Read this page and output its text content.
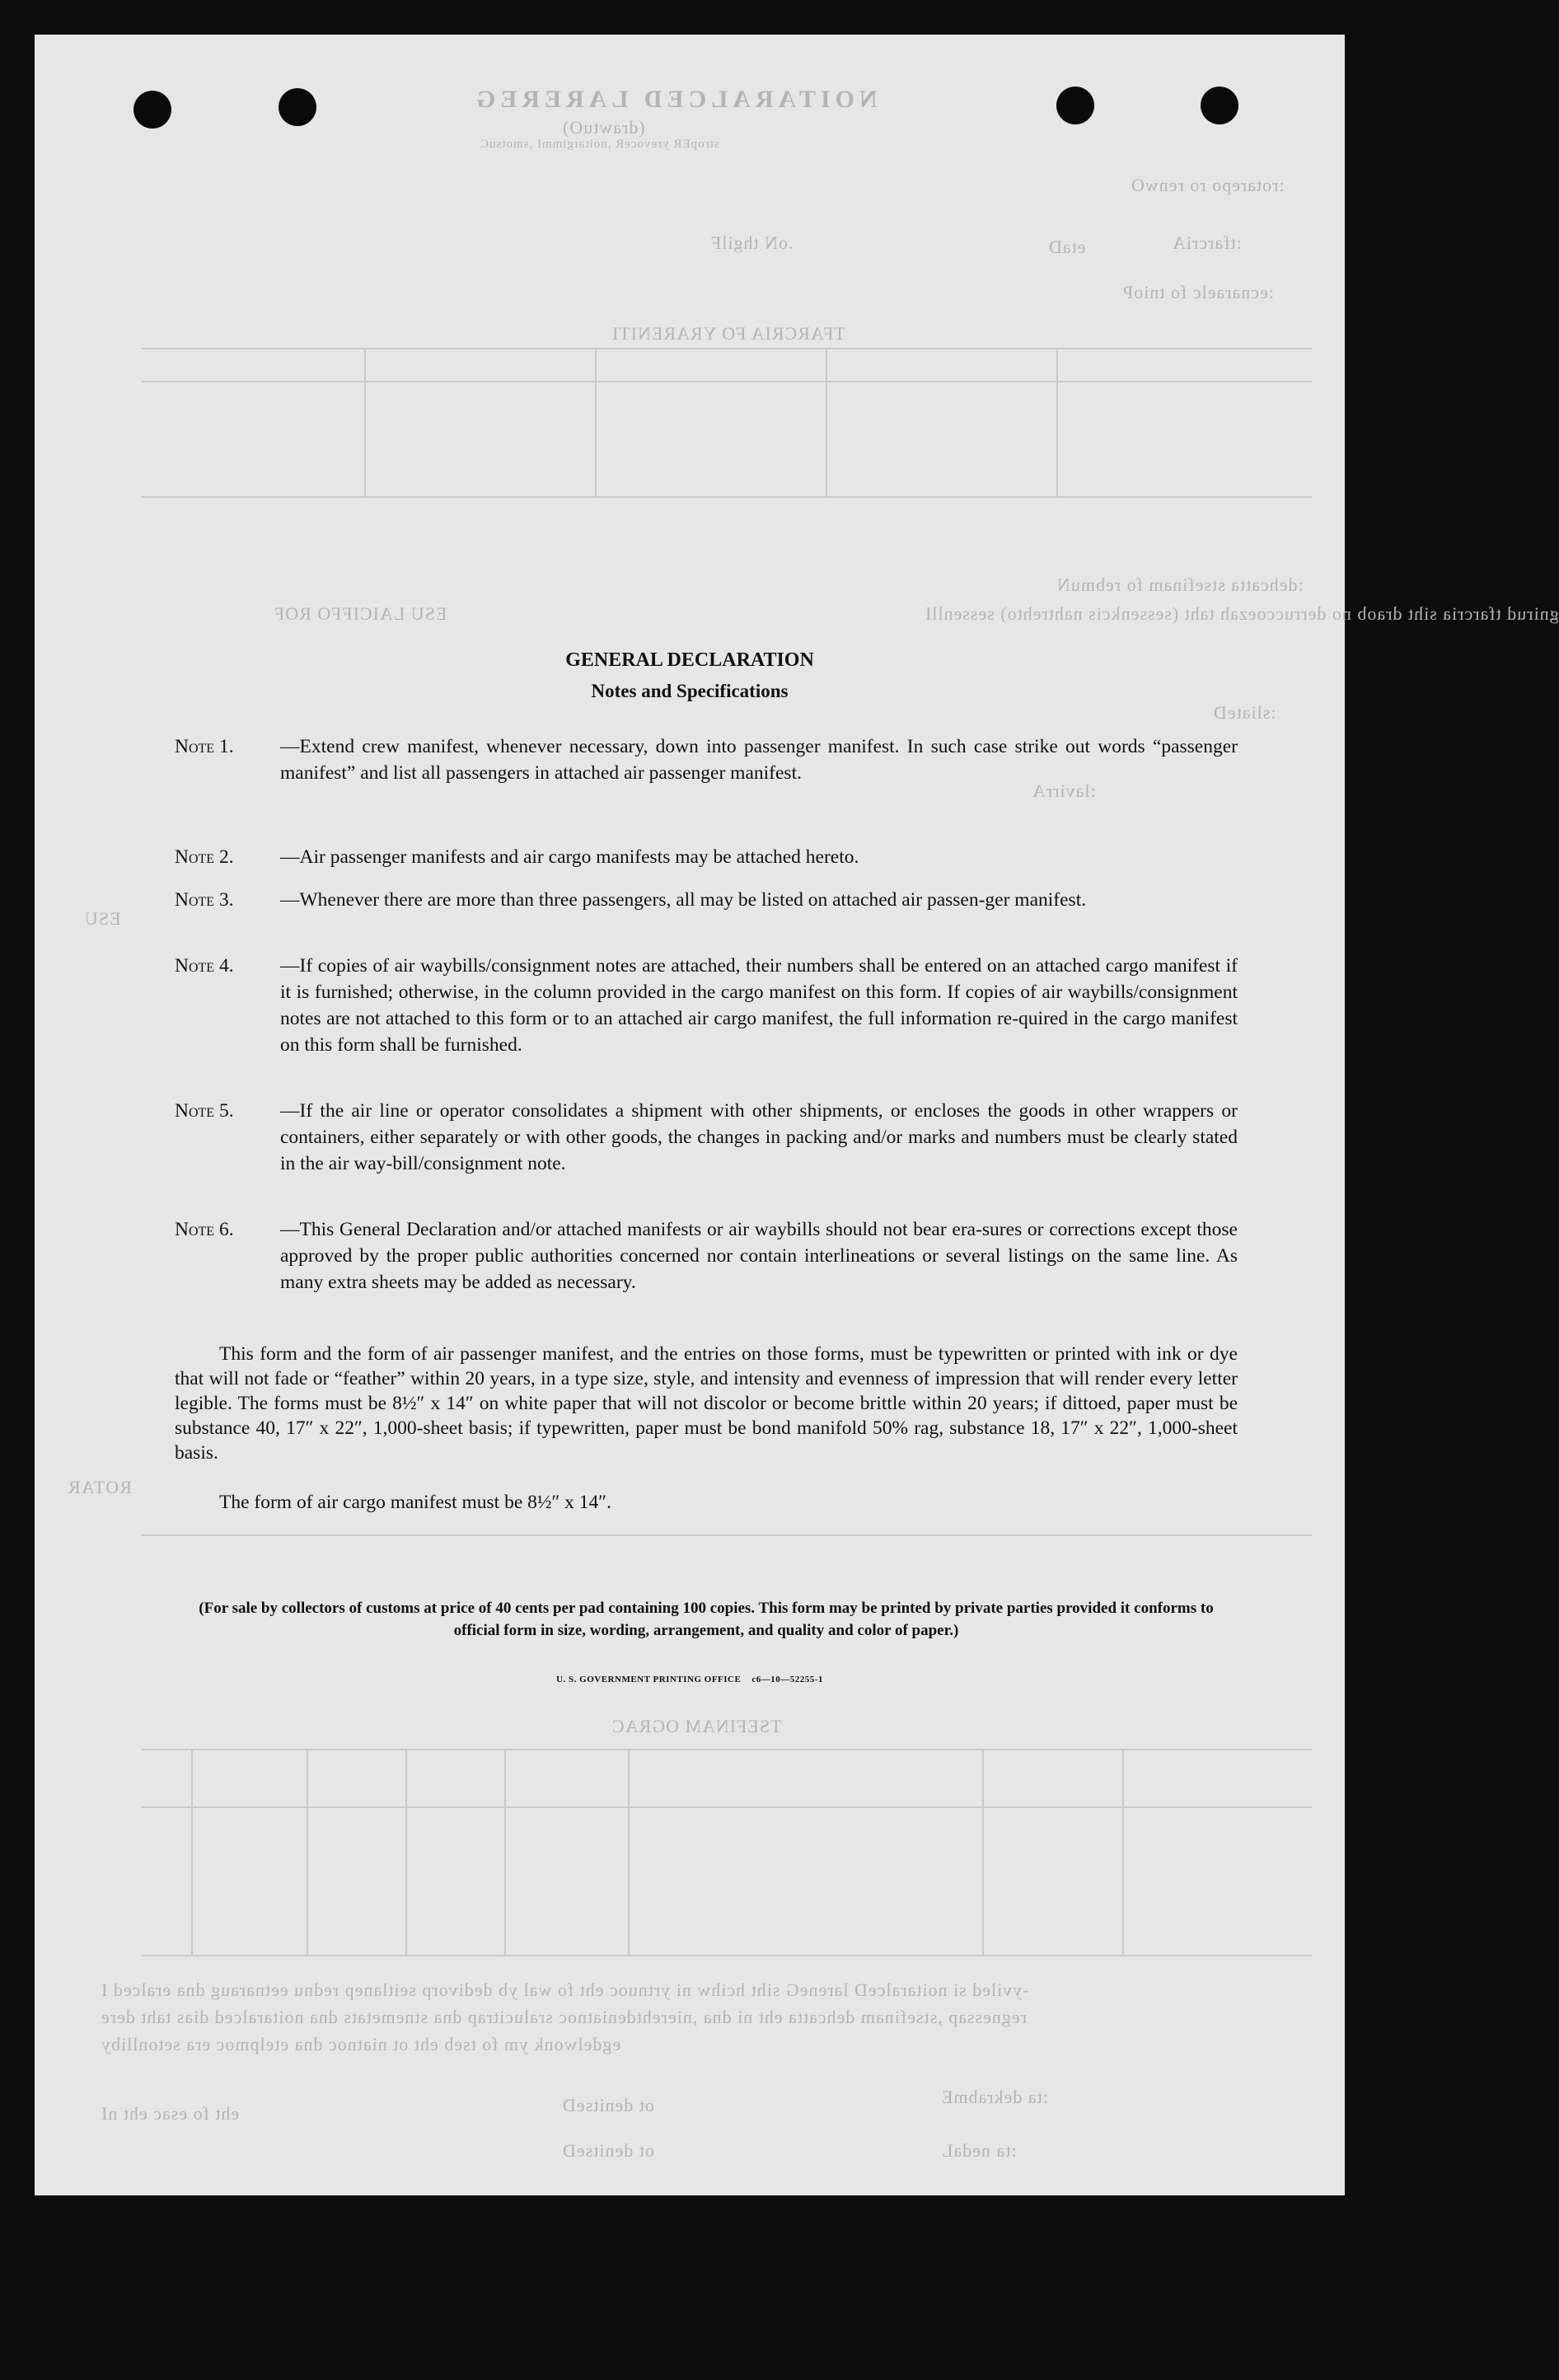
NOITARALCED LAREREG
(drawtuO)
stropER yrevoceR ,noitargimmI ,smotsuC
:rotarepo ro renwO
:tfarcriA
.oN thgilF	etaD
:ecnaraelc fo tnioP
TFARCRIA FO YRARENITI
:dehcatta stsefinam fo rebmuN
gnirud tfarcria siht draob no derruccoezah taht (sessenkcis nahtrehto) sessenllI
:sliateD
ESU LAICIFFO ROF
:lavirrA
ESU
ROTAR
TSEFINAM OGRAC
-yviled si noitaralceD lareneG siht hcihw ni yrtnuoc eht fo wal yb dedivorp seitlanep rednu eetnaraug dna eralced I
regnessap ,stsefinam dehcatta eht ni dna ,nierehtdeniatnoc sralucitrap dna stnemetats dna noitaralced dias taht dere
egdelwonk ym fo tseb eht ot niatnoc dna etelpmoc era setonlliby
:ta dekrabmE
ot denitseD
:ta nedaL
ot denitseD
eht fo esac eht nI
GENERAL DECLARATION
Notes and Specifications
Note 1.	—Extend crew manifest, whenever necessary, down into passenger manifest. In such case strike out words “passenger manifest” and list all passengers in attached air passenger manifest.
Note 2.	—Air passenger manifests and air cargo manifests may be attached hereto.
Note 3.	—Whenever there are more than three passengers, all may be listed on attached air passen-ger manifest.
Note 4.	—If copies of air waybills/consignment notes are attached, their numbers shall be entered on an attached cargo manifest if it is furnished; otherwise, in the column provided in the cargo manifest on this form. If copies of air waybills/consignment notes are not attached to this form or to an attached air cargo manifest, the full information re-quired in the cargo manifest on this form shall be furnished.
Note 5.	—If the air line or operator consolidates a shipment with other shipments, or encloses the goods in other wrappers or containers, either separately or with other goods, the changes in packing and/or marks and numbers must be clearly stated in the air way-bill/consignment note.
Note 6.	—This General Declaration and/or attached manifests or air waybills should not bear era-sures or corrections except those approved by the proper public authorities concerned nor contain interlineations or several listings on the same line. As many extra sheets may be added as necessary.
This form and the form of air passenger manifest, and the entries on those forms, must be typewritten or printed with ink or dye that will not fade or “feather” within 20 years, in a type size, style, and intensity and evenness of impression that will render every letter legible. The forms must be 8½″ x 14″ on white paper that will not discolor or become brittle within 20 years; if dittoed, paper must be substance 40, 17″ x 22″, 1,000-sheet basis; if typewritten, paper must be bond manifold 50% rag, substance 18, 17″ x 22″, 1,000-sheet basis.
The form of air cargo manifest must be 8½″ x 14″.
(For sale by collectors of customs at price of 40 cents per pad containing 100 copies. This form may be printed by private parties provided it conforms to official form in size, wording, arrangement, and quality and color of paper.)
U. S. GOVERNMENT PRINTING OFFICE    c6—10—52255-1
